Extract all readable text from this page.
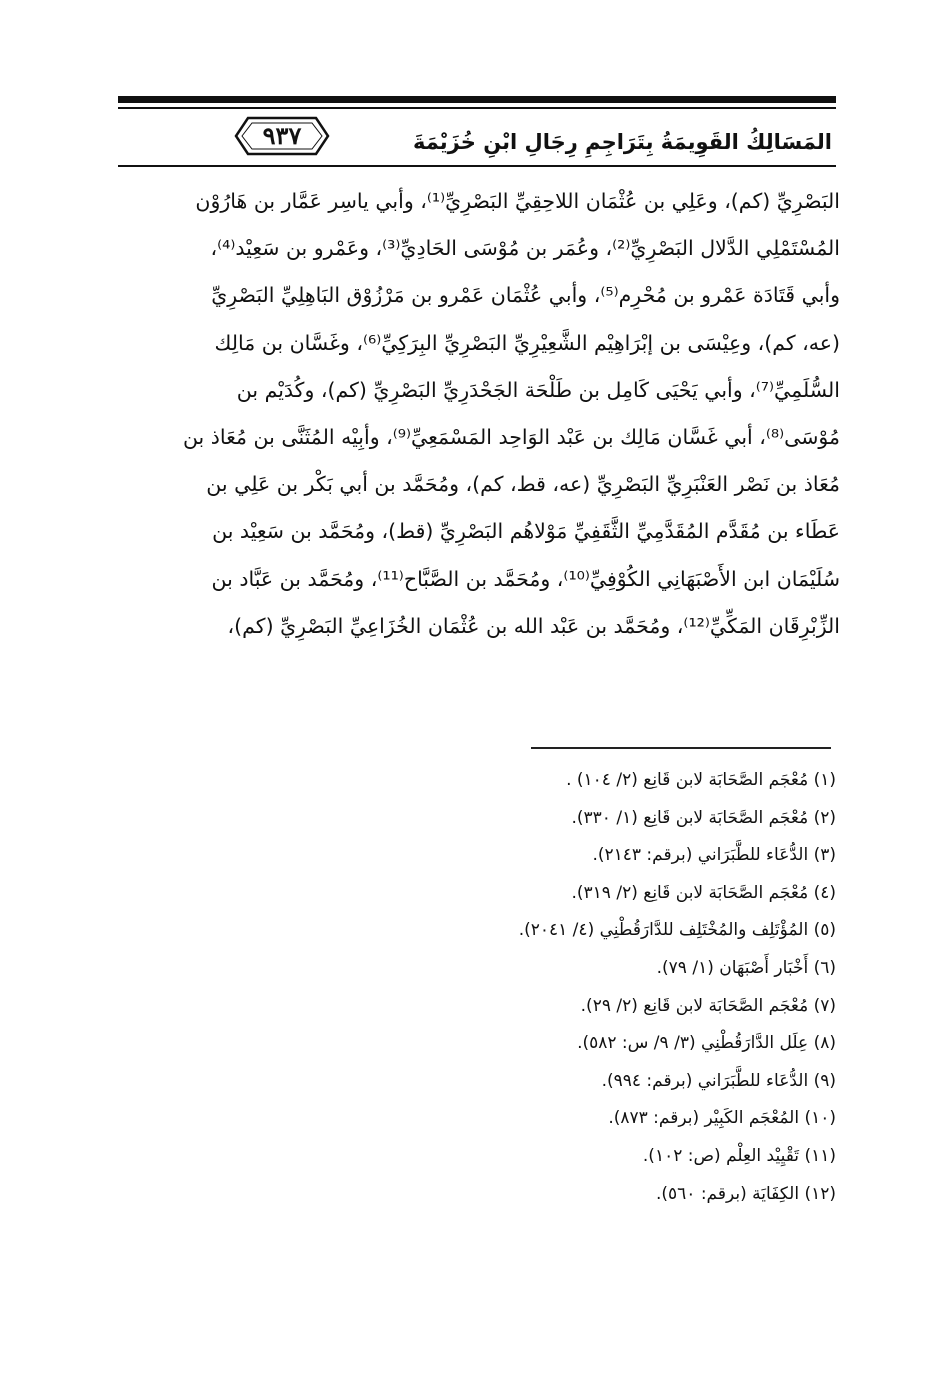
٩٣٧	المَسَالِكُ القَوِيمَةُ بِتَرَاجِمِ رِجَالِ ابْنِ خُزَيْمَةَ
البَصْرِيِّ (كم)، وعَلِي بن عُثْمَان اللاحِقِيِّ البَصْرِيِّ⁽¹⁾، وأبي ياسِر عَمَّار بن هَارُوْن
المُسْتَمْلِي الدَّلال البَصْرِيِّ⁽²⁾، وعُمَر بن مُوْسَى الحَادِيِّ⁽³⁾، وعَمْرو بن سَعِيْد⁽⁴⁾،
وأبي قَتَادَة عَمْرو بن مُحْرِم⁽⁵⁾، وأبي عُثْمَان عَمْرو بن مَرْزُوْق البَاهِلِيِّ البَصْرِيِّ
(عه، كم)، وعِيْسَى بن إبْرَاهِيْم الشَّعِيْرِيِّ البَصْرِيِّ البِرَكِيِّ⁽⁶⁾، وغَسَّان بن مَالِك
السُّلَمِيِّ⁽⁷⁾، وأبي يَحْيَى كَامِل بن طَلْحَة الجَحْدَرِيِّ البَصْرِيِّ (كم)، وكُدَيْم بن
مُوْسَى⁽⁸⁾، أبي غَسَّان مَالِك بن عَبْد الوَاحِد المَسْمَعِيِّ⁽⁹⁾، وأبِيْه المُثَنَّى بن مُعَاذ بن
مُعَاذ بن نَصْر العَنْبَرِيِّ البَصْرِيِّ (عه، قط، كم)، ومُحَمَّد بن أبي بَكْر بن عَلِي بن
عَطَاء بن مُقَدَّم المُقَدَّمِيِّ الثَّقَفِيِّ مَوْلاهُم البَصْرِيِّ (قط)، ومُحَمَّد بن سَعِيْد بن
سُلَيْمَان ابن الأَصْبَهَانِي الكُوْفِيِّ⁽¹⁰⁾، ومُحَمَّد بن الصَّبَّاح⁽¹¹⁾، ومُحَمَّد بن عَبَّاد بن
الزِّبْرِقَان المَكِّيِّ⁽¹²⁾، ومُحَمَّد بن عَبْد الله بن عُثْمَان الخُزَاعِيِّ البَصْرِيِّ (كم)،
(١) مُعْجَم الصَّحَابَة لابن قَانِع (٢/ ١٠٤) .
(٢) مُعْجَم الصَّحَابَة لابن قَانِع (١/ ٣٣٠).
(٣) الدُّعَاء للطَّبَرَاني (برقم: ٢١٤٣).
(٤) مُعْجَم الصَّحَابَة لابن قَانِع (٢/ ٣١٩).
(٥) المُؤْتَلِف والمُخْتَلِف للدَّارَقُطْنِي (٤/ ٢٠٤١).
(٦) أَخْبَار أَصْبَهَان (١/ ٧٩).
(٧) مُعْجَم الصَّحَابَة لابن قَانِع (٢/ ٢٩).
(٨) عِلَل الدَّارَقُطْنِي (٣/ ٩/ س: ٥٨٢).
(٩) الدُّعَاء للطَّبَرَاني (برقم: ٩٩٤).
(١٠) المُعْجَم الكَبِيْر (برقم: ٨٧٣).
(١١) تَقْيِيْد العِلْم (ص: ١٠٢).
(١٢) الكِفَايَة (برقم: ٥٦٠).
